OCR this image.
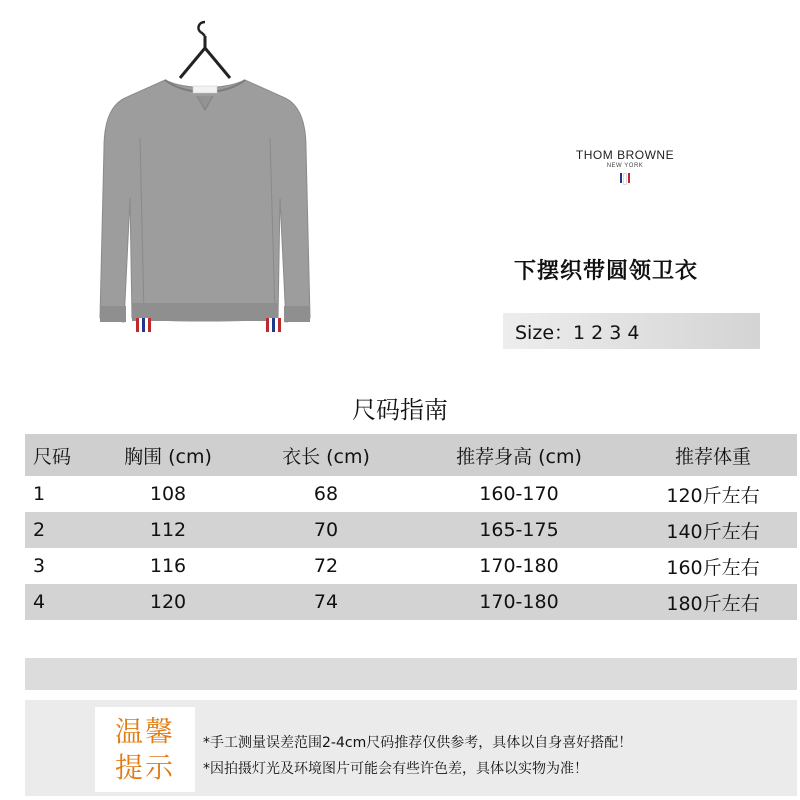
THOM BROWNE
NEW YORK
下摆织带圆领卫衣
Size：1 2 3 4
尺码指南
尺码	胸围 (cm)	衣长 (cm)	推荐身高 (cm)	推荐体重
1	108	68	160-170	120斤左右
2	112	70	165-175	140斤左右
3	116	72	170-180	160斤左右
4	120	74	170-180	180斤左右
温馨
提示
*手工测量误差范围2-4cm尺码推荐仅供参考，具体以自身喜好搭配！
*因拍摄灯光及环境图片可能会有些许色差，具体以实物为准！
